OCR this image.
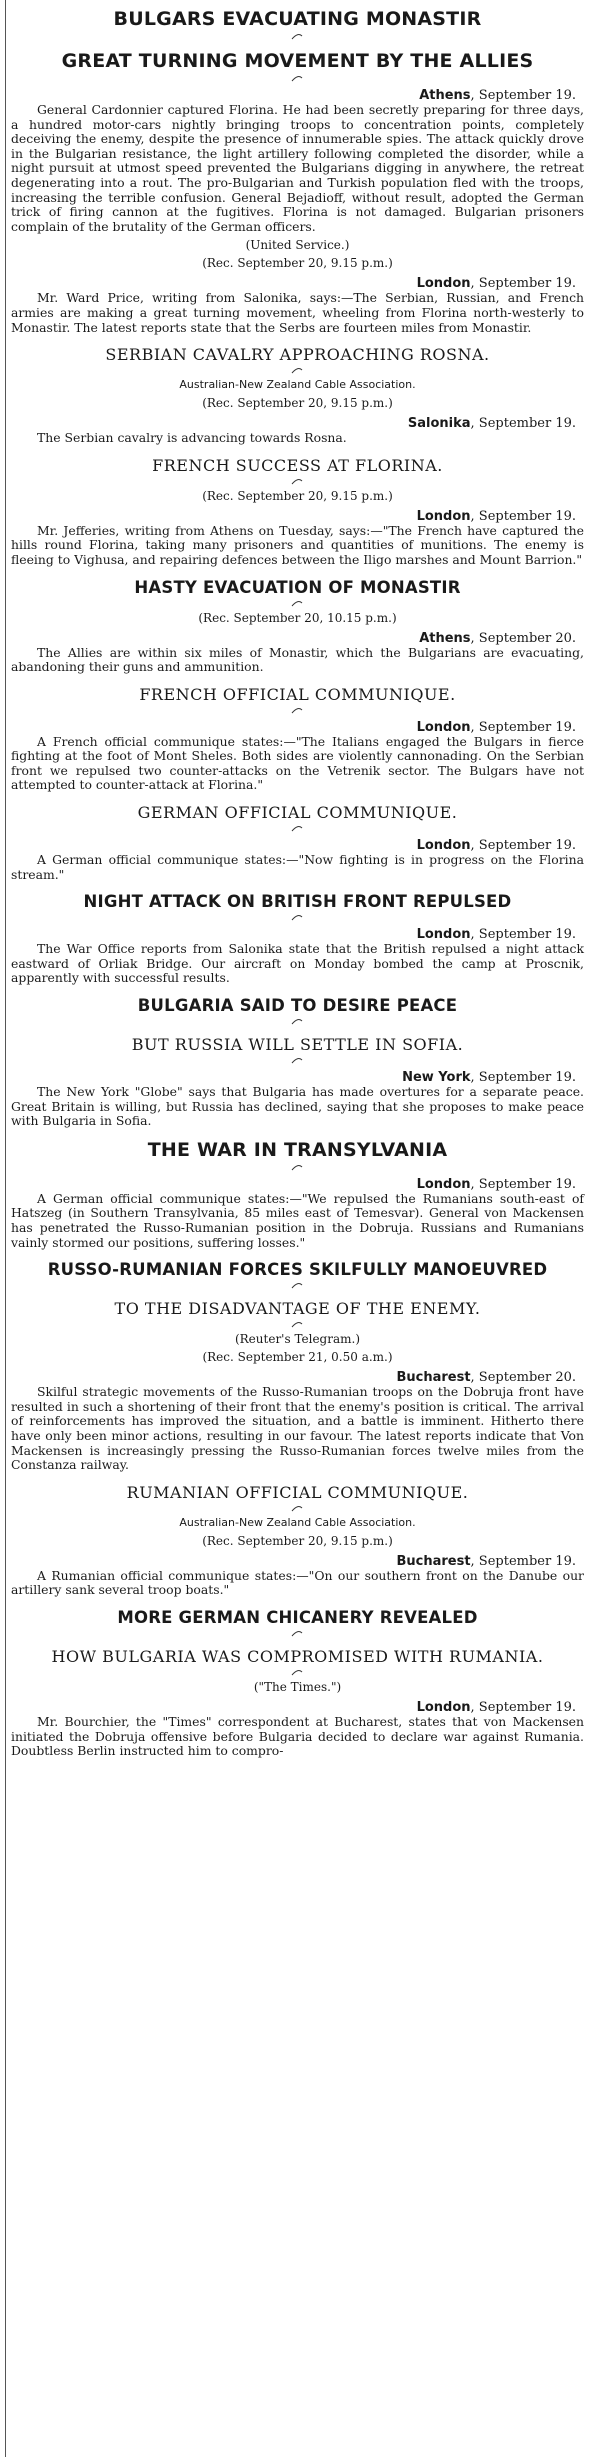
BULGARS EVACUATING MONASTIR
GREAT TURNING MOVEMENT BY THE ALLIES

Athens, September 19.

General Cardonnier captured Florina. He had been secretly preparing for three days, a hundred motor-cars nightly bringing troops to concentration points, completely deceiving the enemy, despite the presence of innumerable spies. The attack quickly drove in the Bulgarian resistance, the light artillery following completed the disorder, while a night pursuit at utmost speed prevented the Bulgarians digging in anywhere, the retreat degenerating into a rout. The pro-Bulgarian and Turkish population fled with the troops, increasing the terrible confusion. General Bejadioff, without result, adopted the German trick of firing cannon at the fugitives. Florina is not damaged. Bulgarian prisoners complain of the brutality of the German officers.

(United Service.)

(Rec. September 20, 9.15 p.m.)

London, September 19.

Mr. Ward Price, writing from Salonika, says:—The Serbian, Russian, and French armies are making a great turning movement, wheeling from Florina north-westerly to Monastir. The latest reports state that the Serbs are fourteen miles from Monastir.

SERBIAN CAVALRY APPROACHING ROSNA.

Australian-New Zealand Cable Association.

(Rec. September 20, 9.15 p.m.)

Salonika, September 19.

The Serbian cavalry is advancing towards Rosna.

FRENCH SUCCESS AT FLORINA.

(Rec. September 20, 9.15 p.m.)

London, September 19.

Mr. Jefferies, writing from Athens on Tuesday, says:—"The French have captured the hills round Florina, taking many prisoners and quantities of munitions. The enemy is fleeing to Vighusa, and repairing defences between the Iligo marshes and Mount Barrion."

HASTY EVACUATION OF MONASTIR

(Rec. September 20, 10.15 p.m.)

Athens, September 20.

The Allies are within six miles of Monastir, which the Bulgarians are evacuating, abandoning their guns and ammunition.

FRENCH OFFICIAL COMMUNIQUE.

London, September 19.

A French official communique states:—"The Italians engaged the Bulgars in fierce fighting at the foot of Mont Sheles. Both sides are violently cannonading. On the Serbian front we repulsed two counter-attacks on the Vetrenik sector. The Bulgars have not attempted to counter-attack at Florina."

GERMAN OFFICIAL COMMUNIQUE.

London, September 19.

A German official communique states:—"Now fighting is in progress on the Florina stream."

NIGHT ATTACK ON BRITISH FRONT REPULSED

London, September 19.

The War Office reports from Salonika state that the British repulsed a night attack eastward of Orliak Bridge. Our aircraft on Monday bombed the camp at Proscnik, apparently with successful results.

BULGARIA SAID TO DESIRE PEACE
BUT RUSSIA WILL SETTLE IN SOFIA.

New York, September 19.

The New York "Globe" says that Bulgaria has made overtures for a separate peace. Great Britain is willing, but Russia has declined, saying that she proposes to make peace with Bulgaria in Sofia.

THE WAR IN TRANSYLVANIA

London, September 19.

A German official communique states:—"We repulsed the Rumanians south-east of Hatszeg (in Southern Transylvania, 85 miles east of Temesvar). General von Mackensen has penetrated the Russo-Rumanian position in the Dobruja. Russians and Rumanians vainly stormed our positions, suffering losses."

RUSSO-RUMANIAN FORCES SKILFULLY MANOEUVRED
TO THE DISADVANTAGE OF THE ENEMY.

(Reuter's Telegram.)

(Rec. September 21, 0.50 a.m.)

Bucharest, September 20.

Skilful strategic movements of the Russo-Rumanian troops on the Dobruja front have resulted in such a shortening of their front that the enemy's position is critical. The arrival of reinforcements has improved the situation, and a battle is imminent. Hitherto there have only been minor actions, resulting in our favour. The latest reports indicate that Von Mackensen is increasingly pressing the Russo-Rumanian forces twelve miles from the Constanza railway.

RUMANIAN OFFICIAL COMMUNIQUE.

Australian-New Zealand Cable Association.

(Rec. September 20, 9.15 p.m.)

Bucharest, September 19.

A Rumanian official communique states:—"On our southern front on the Danube our artillery sank several troop boats."

MORE GERMAN CHICANERY REVEALED
HOW BULGARIA WAS COMPROMISED WITH RUMANIA.

("The Times.")

London, September 19.

Mr. Bourchier, the "Times" correspondent at Bucharest, states that von Mackensen initiated the Dobruja offensive before Bulgaria decided to declare war against Rumania. Doubtless Berlin instructed him to compro-
